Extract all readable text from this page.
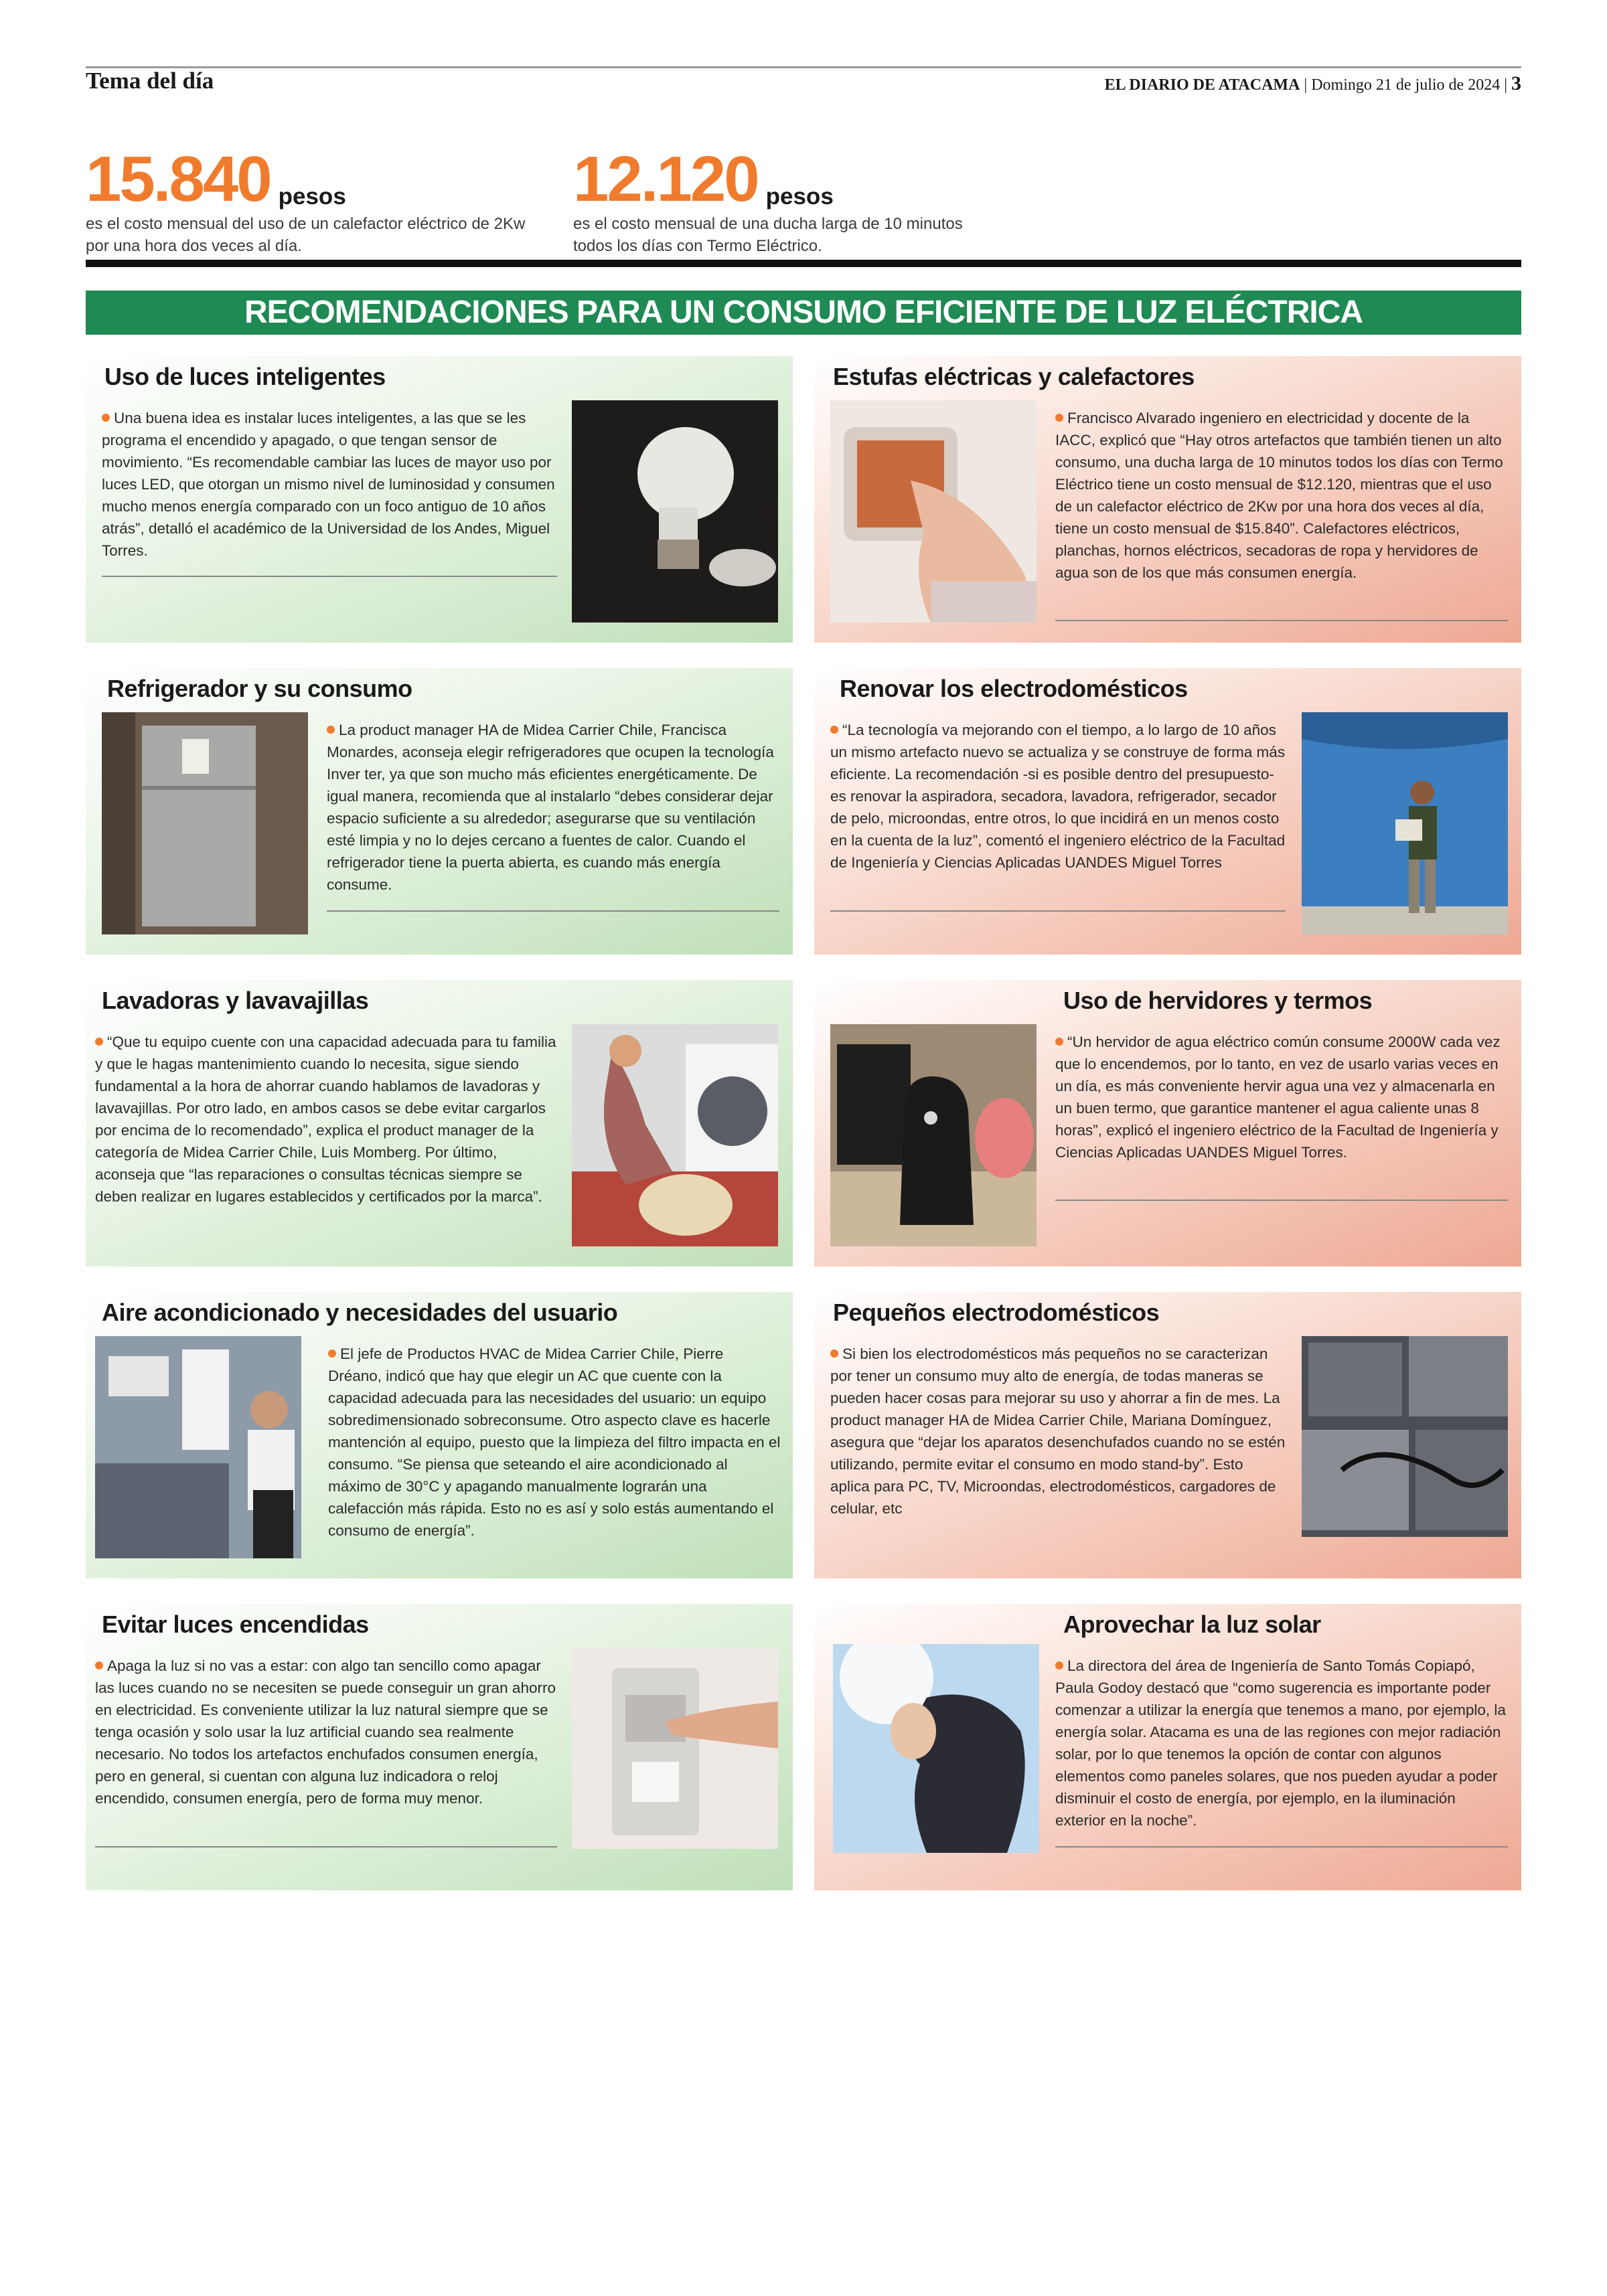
Tema del día	EL DIARIO DE ATACAMA | Domingo 21 de julio de 2024 | 3
15.840 pesos
es el costo mensual del uso de un calefactor eléctrico de 2Kw
por una hora dos veces al día.
12.120 pesos
es el costo mensual de una ducha larga de 10 minutos
todos los días con Termo Eléctrico.
RECOMENDACIONES PARA UN CONSUMO EFICIENTE DE LUZ ELÉCTRICA
Uso de luces inteligentes
Una buena idea es instalar luces inteligentes, a las que se les programa el encendido y apagado, o que tengan sensor de movimiento. “Es recomendable cambiar las luces de mayor uso por luces LED, que otorgan un mismo nivel de luminosidad y consumen mucho menos energía comparado con un foco antiguo de 10 años atrás”, detalló el académico de la Universidad de los Andes, Miguel Torres.
Estufas eléctricas y calefactores
Francisco Alvarado ingeniero en electricidad y docente de la IACC, explicó que “Hay otros artefactos que también tienen un alto consumo, una ducha larga de 10 minutos todos los días con Termo Eléctrico tiene un costo mensual de $12.120, mientras que el uso de un calefactor eléctrico de 2Kw por una hora dos veces al día, tiene un costo mensual de $15.840”. Calefactores eléctricos, planchas, hornos eléctricos, secadoras de ropa y hervidores de agua son de los que más consumen energía.
Refrigerador y su consumo
La product manager HA de Midea Carrier Chile, Francisca Monardes, aconseja elegir refrigeradores que ocupen la tecnología Inver ter, ya que son mucho más eficientes energéticamente. De igual manera, recomienda que al instalarlo “debes considerar dejar espacio suficiente a su alrededor; asegurarse que su ventilación esté limpia y no lo dejes cercano a fuentes de calor. Cuando el refrigerador tiene la puerta abierta, es cuando más energía consume.
Renovar los electrodomésticos
“La tecnología va mejorando con el tiempo, a lo largo de 10 años un mismo artefacto nuevo se actualiza y se construye de forma más eficiente. La recomendación -si es posible dentro del presupuesto- es renovar la aspiradora, secadora, lavadora, refrigerador, secador de pelo, microondas, entre otros, lo que incidirá en un menos costo en la cuenta de la luz”, comentó el ingeniero eléctrico de la Facultad de Ingeniería y Ciencias Aplicadas UANDES Miguel Torres
Lavadoras y lavavajillas
“Que tu equipo cuente con una capacidad adecuada para tu familia y que le hagas mantenimiento cuando lo necesita, sigue siendo fundamental a la hora de ahorrar cuando hablamos de lavadoras y lavavajillas. Por otro lado, en ambos casos se debe evitar cargarlos por encima de lo recomendado”, explica el product manager de la categoría de Midea Carrier Chile, Luis Momberg. Por último, aconseja que “las reparaciones o consultas técnicas siempre se deben realizar en lugares establecidos y certificados por la marca”.
Uso de hervidores y termos
“Un hervidor de agua eléctrico común consume 2000W cada vez que lo encendemos, por lo tanto, en vez de usarlo varias veces en un día, es más conveniente hervir agua una vez y almacenarla en un buen termo, que garantice mantener el agua caliente unas 8 horas”, explicó el ingeniero eléctrico de la Facultad de Ingeniería y Ciencias Aplicadas UANDES Miguel Torres.
Aire acondicionado y necesidades del usuario
El jefe de Productos HVAC de Midea Carrier Chile, Pierre Dréano, indicó que hay que elegir un AC que cuente con la capacidad adecuada para las necesidades del usuario: un equipo sobredimensionado sobreconsume. Otro aspecto clave es hacerle mantención al equipo, puesto que la limpieza del filtro impacta en el consumo. “Se piensa que seteando el aire acondicionado al máximo de 30°C y apagando manualmente lograrán una calefacción más rápida. Esto no es así y solo estás aumentando el consumo de energía”.
Pequeños electrodomésticos
Si bien los electrodomésticos más pequeños no se caracterizan por tener un consumo muy alto de energía, de todas maneras se pueden hacer cosas para mejorar su uso y ahorrar a fin de mes. La product manager HA de Midea Carrier Chile, Mariana Domínguez, asegura que “dejar los aparatos desenchufados cuando no se estén utilizando, permite evitar el consumo en modo stand-by”. Esto aplica para PC, TV, Microondas, electrodomésticos, cargadores de celular, etc
Evitar luces encendidas
Apaga la luz si no vas a estar: con algo tan sencillo como apagar las luces cuando no se necesiten se puede conseguir un gran ahorro en electricidad. Es conveniente utilizar la luz natural siempre que se tenga ocasión y solo usar la luz artificial cuando sea realmente necesario. No todos los artefactos enchufados consumen energía, pero en general, si cuentan con alguna luz indicadora o reloj encendido, consumen energía, pero de forma muy menor.
Aprovechar la luz solar
La directora del área de Ingeniería de Santo Tomás Copiapó, Paula Godoy destacó que “como sugerencia es importante poder comenzar a utilizar la energía que tenemos a mano, por ejemplo, la energía solar. Atacama es una de las regiones con mejor radiación solar, por lo que tenemos la opción de contar con algunos elementos como paneles solares, que nos pueden ayudar a poder disminuir el costo de energía, por ejemplo, en la iluminación exterior en la noche”.
